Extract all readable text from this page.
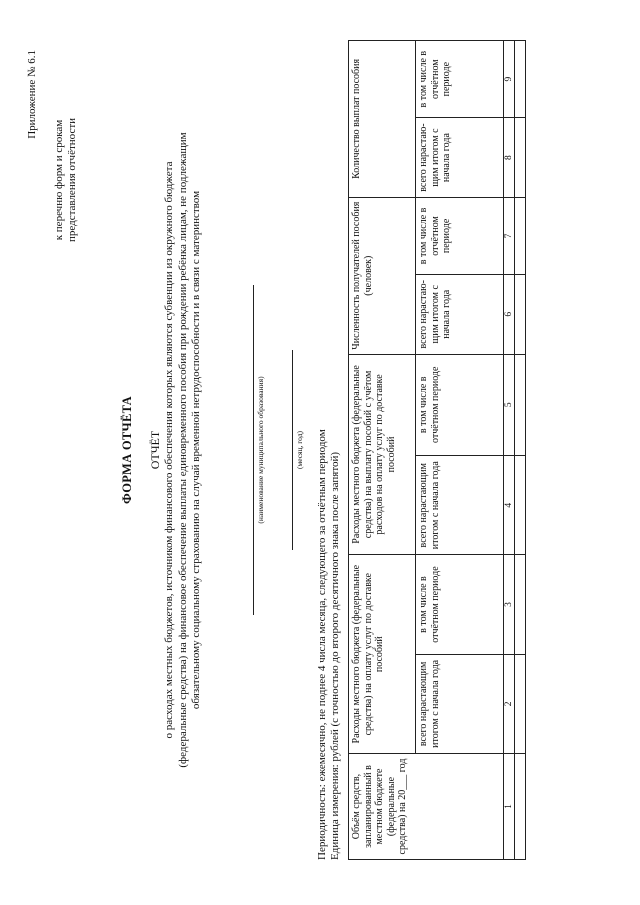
Приложение № 6.1
к перечню форм и срокам представления отчётности
ФОРМА ОТЧЁТА ОТЧЁТ о расходах местных бюджетов, источником финансового обеспечения которых являются субвенции из окружного бюджета (федеральные средства) на финансовое обеспечение выплаты единовременного пособия при рождении ребёнка лицам, не подлежащим обязательному социальному страхованию на случай временной нетрудоспособности и в связи с материнством	(наименование муниципального образования)	(месяц, год) Периодичность: ежемесячно, не поднее 4 числа месяца, следующего за отчётным периодом Единица измерения: рублей (с точностью до второго десятичного знака после запятой) Объём средств, запланированный в местном бюджете (федеральные средства) на 20___ год	Расходы местного бюджета (федеральные средства) на оплату услуг по доставке пособий		Расходы местного бюджета (федеральные средства) на выплату пособий с учётом расходов на оплату услуг по доставке пособий		Численность получателей пособия (человек)		Количество выплат пособия	
	всего нарастающим итогом с начала года	в том числе в отчётном периоде	всего нарастающим итогом с начала года	в том числе в отчётном периоде	всего нарастаю-щим итогом с начала года	в том числе в отчётном периоде	всего нарастаю-щим итогом с начала года	в том числе в отчётном периоде
1	2	3	4	5	6	7	8	9
